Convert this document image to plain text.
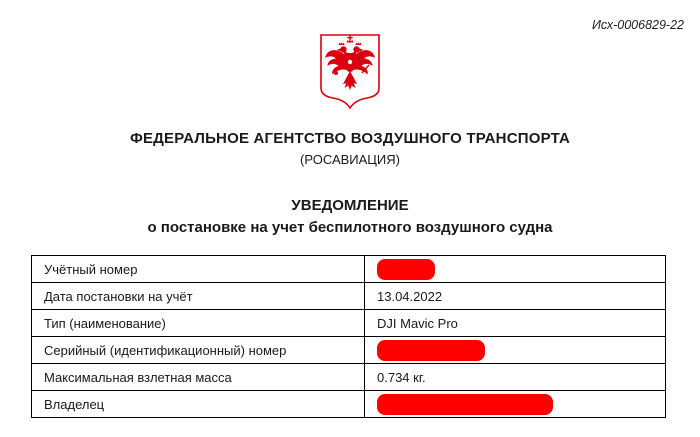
Исх-0006829-22
ФЕДЕРАЛЬНОЕ АГЕНТСТВО ВОЗДУШНОГО ТРАНСПОРТА
(РОСАВИАЦИЯ)
УВЕДОМЛЕНИЕ
о постановке на учет беспилотного воздушного судна
Учётный номер	
Дата постановки на учёт	13.04.2022
Тип (наименование)	DJI Mavic Pro
Серийный (идентификационный) номер	
Максимальная взлетная масса	0.734 кг.
Владелец	
